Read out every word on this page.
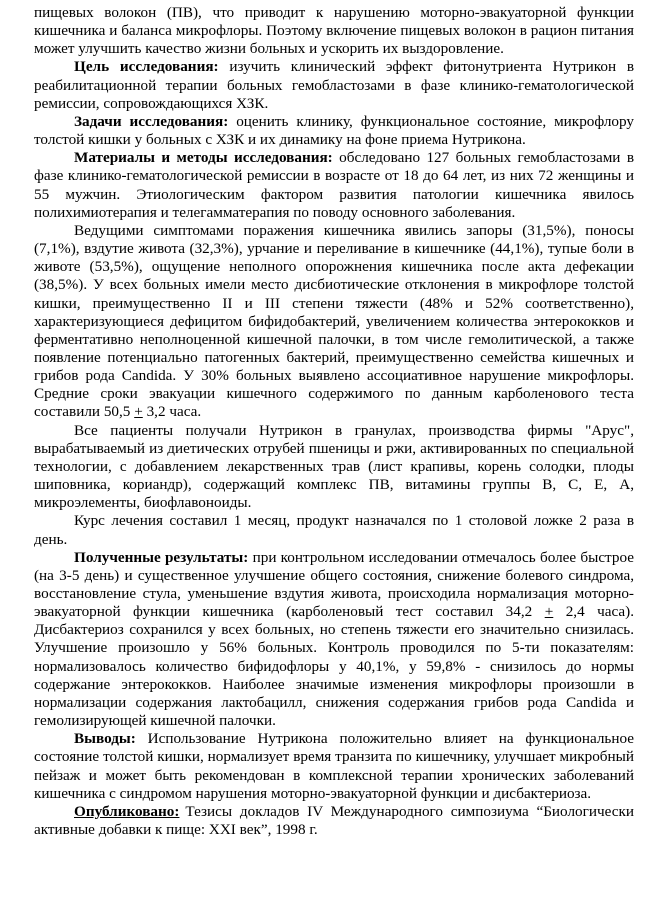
пищевых волокон (ПВ), что приводит к нарушению моторно-эвакуаторной функции кишечника и баланса микрофлоры. Поэтому включение пищевых волокон в рацион питания может улучшить качество жизни больных и ускорить их выздоровление.

Цель исследования: изучить клинический эффект фитонутриента Нутрикон в реабилитационной терапии больных гемобластозами в фазе клинико-гематологической ремиссии, сопровождающихся ХЗК.

Задачи исследования: оценить клинику, функциональное состояние, микрофлору толстой кишки у больных с ХЗК и их динамику на фоне приема Нутрикона.

Материалы и методы исследования: обследовано 127 больных гемобластозами в фазе клинико-гематологической ремиссии в возрасте от 18 до 64 лет, из них 72 женщины и 55 мужчин. Этиологическим фактором развития патологии кишечника явилось полихимиотерапия и телегамматерапия по поводу основного заболевания.

Ведущими симптомами поражения кишечника явились запоры (31,5%), поносы (7,1%), вздутие живота (32,3%), урчание и переливание в кишечнике (44,1%), тупые боли в животе (53,5%), ощущение неполного опорожнения кишечника после акта дефекации (38,5%). У всех больных имели место дисбиотические отклонения в микрофлоре толстой кишки, преимущественно II и III степени тяжести (48% и 52% соответственно), характеризующиеся дефицитом бифидобактерий, увеличением количества энтерококков и ферментативно неполноценной кишечной палочки, в том числе гемолитической, а также появление потенциально патогенных бактерий, преимущественно семейства кишечных и грибов рода Candida. У 30% больных выявлено ассоциативное нарушение микрофлоры. Средние сроки эвакуации кишечного содержимого по данным карболенового теста составили 50,5 + 3,2 часа.

Все пациенты получали Нутрикон в гранулах, производства фирмы "Арус", вырабатываемый из диетических отрубей пшеницы и ржи, активированных по специальной технологии, с добавлением лекарственных трав (лист крапивы, корень солодки, плоды шиповника, кориандр), содержащий комплекс ПВ, витамины группы В, С, Е, А, микроэлементы, биофлавоноиды.

Курс лечения составил 1 месяц, продукт назначался по 1 столовой ложке 2 раза в день.

Полученные результаты: при контрольном исследовании отмечалось более быстрое (на 3-5 день) и существенное улучшение общего состояния, снижение болевого синдрома, восстановление стула, уменьшение вздутия живота, происходила нормализация моторно-эвакуаторной функции кишечника (карболеновый тест составил 34,2 + 2,4 часа). Дисбактериоз сохранился у всех больных, но степень тяжести его значительно снизилась. Улучшение произошло у 56% больных. Контроль проводился по 5-ти показателям: нормализовалось количество бифидофлоры у 40,1%, у 59,8% - снизилось до нормы содержание энтерококков. Наиболее значимые изменения микрофлоры произошли в нормализации содержания лактобацилл, снижения содержания грибов рода Candida и гемолизирующей кишечной палочки.

Выводы: Использование Нутрикона положительно влияет на функциональное состояние толстой кишки, нормализует время транзита по кишечнику, улучшает микробный пейзаж и может быть рекомендован в комплексной терапии хронических заболеваний кишечника с синдромом нарушения моторно-эвакуаторной функции и дисбактериоза.

Опубликовано: Тезисы докладов IV Международного симпозиума “Биологически активные добавки к пище: XXI век”, 1998 г.
